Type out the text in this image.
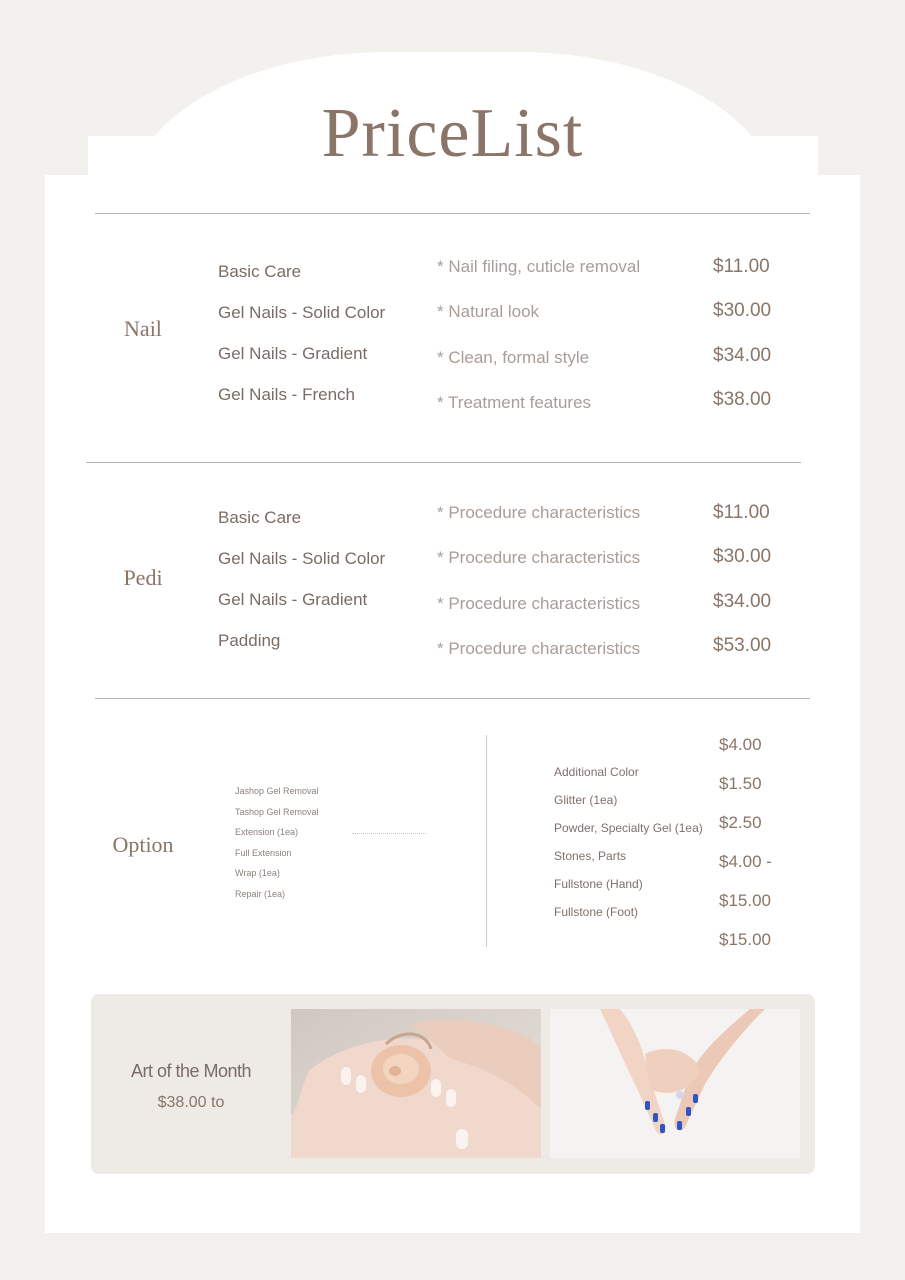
PriceList
Nail
Basic Care
Gel Nails - Solid Color
Gel Nails - Gradient
Gel Nails - French
* Nail filing, cuticle removal
* Natural look
* Clean, formal style
* Treatment features
$11.00
$30.00
$34.00
$38.00
Pedi
Basic Care
Gel Nails - Solid Color
Gel Nails - Gradient
Padding
* Procedure characteristics
* Procedure characteristics
* Procedure characteristics
* Procedure characteristics
$11.00
$30.00
$34.00
$53.00
Option
Jashop Gel Removal
Tashop Gel Removal
Extension (1ea)
Full Extension
Wrap (1ea)
Repair (1ea)
Additional Color
Glitter (1ea)
Powder, Specialty Gel (1ea)
Stones, Parts
Fullstone (Hand)
Fullstone (Foot)
$4.00
$1.50
$2.50
$4.00 -
$15.00
$15.00
Art of the Month
$38.00 to
